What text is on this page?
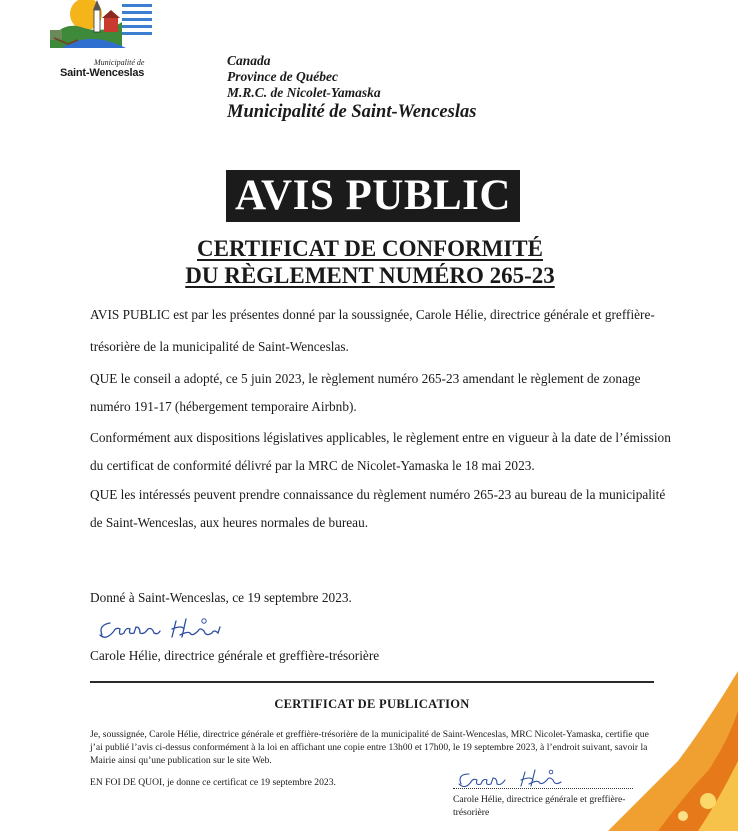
Municipalité de
Saint-Wenceslas
Canada
Province de Québec
M.R.C. de Nicolet-Yamaska
Municipalité de Saint-Wenceslas
AVIS PUBLIC
CERTIFICAT DE CONFORMITÉ
DU RÈGLEMENT NUMÉRO 265-23
AVIS PUBLIC est par les présentes donné par la soussignée, Carole Hélie, directrice générale et greffière-
trésorière de la municipalité de Saint-Wenceslas.
QUE le conseil a adopté, ce 5 juin 2023, le règlement numéro 265-23 amendant le règlement de zonage
numéro 191-17 (hébergement temporaire Airbnb).
Conformément aux dispositions législatives applicables, le règlement entre en vigueur à la date de l’émission
du certificat de conformité délivré par la MRC de Nicolet-Yamaska le 18 mai 2023.
QUE les intéressés peuvent prendre connaissance du règlement numéro 265-23 au bureau de la municipalité
de Saint-Wenceslas, aux heures normales de bureau.
Donné à Saint-Wenceslas, ce 19 septembre 2023.
Carole Hélie, directrice générale et greffière-trésorière
CERTIFICAT DE PUBLICATION
Je, soussignée, Carole Hélie, directrice générale et greffière-trésorière de la municipalité de Saint-Wenceslas, MRC Nicolet-Yamaska, certifie que
j’ai publié l’avis ci-dessus conformément à la loi en affichant une copie entre 13h00 et 17h00, le 19 septembre 2023, à l’endroit suivant, savoir la
Mairie ainsi qu’une publication sur le site Web.
EN FOI DE QUOI, je donne ce certificat ce 19 septembre 2023.
Carole Hélie, directrice générale et greffière-
trésorière
